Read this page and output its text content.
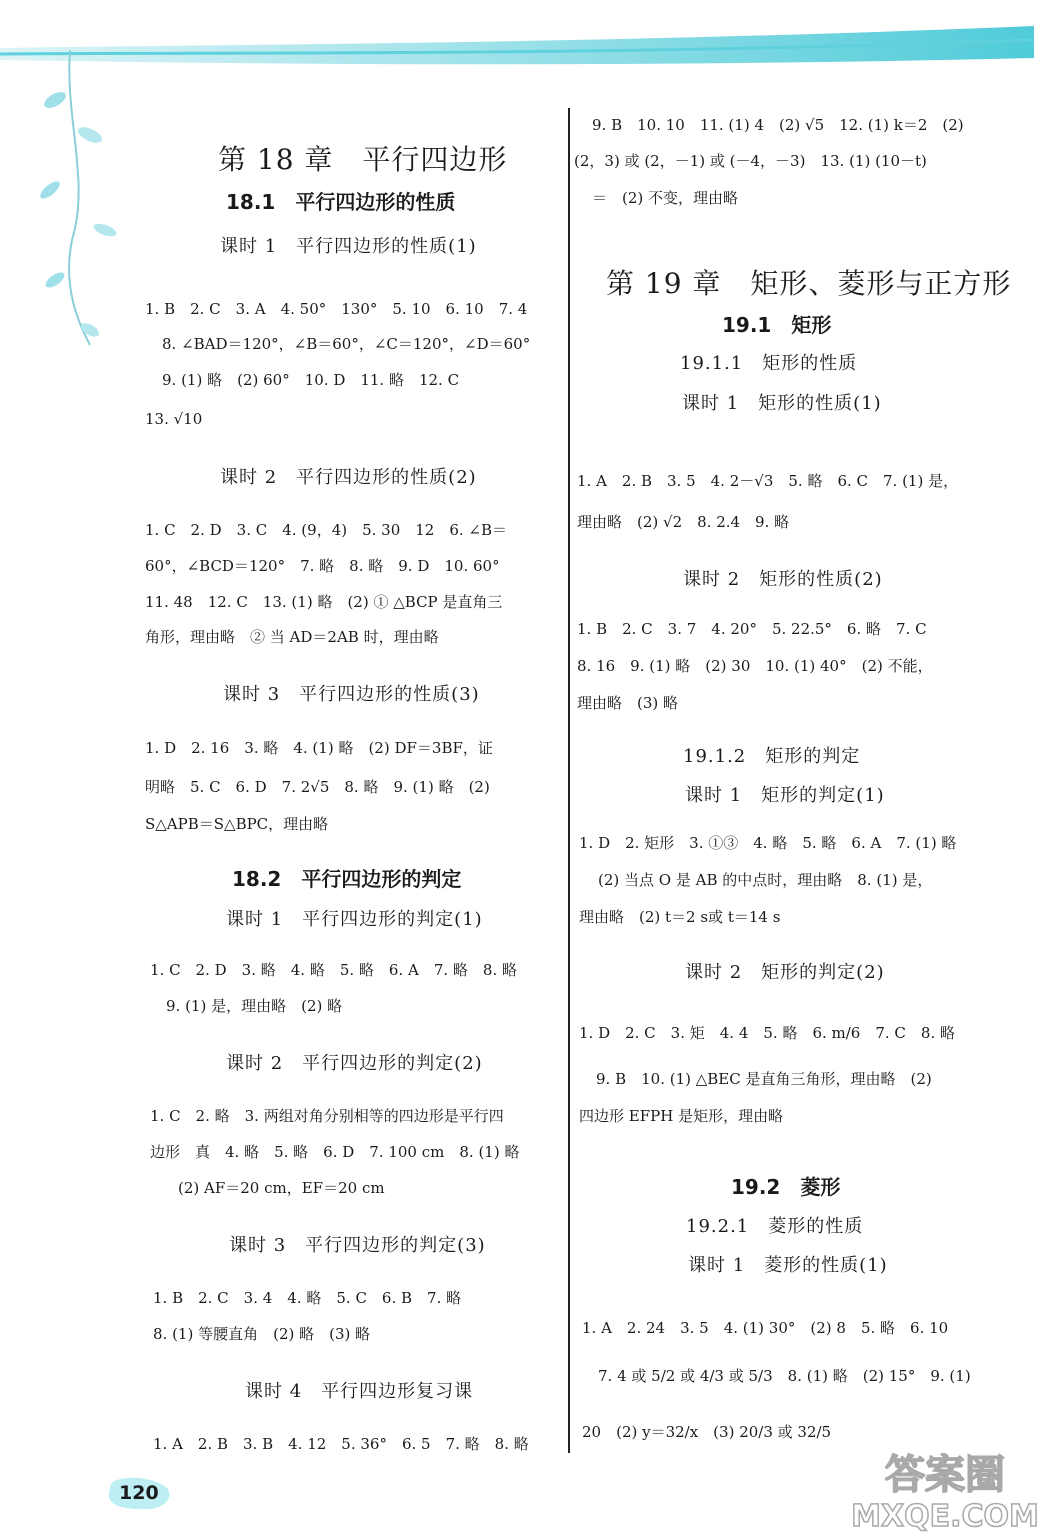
第 18 章　平行四边形
18.1　平行四边形的性质
课时 1　平行四边形的性质(1)
1. B　2. C　3. A　4. 50°　130°　5. 10　6. 10　7. 4
8. ∠BAD＝120°，∠B＝60°，∠C＝120°，∠D＝60°
9. (1) 略　(2) 60°　10. D　11. 略　12. C
13. √10
课时 2　平行四边形的性质(2)
1. C　2. D　3. C　4. (9，4)　5. 30　12　6. ∠B＝
60°，∠BCD＝120°　7. 略　8. 略　9. D　10. 60°
11. 48　12. C　13. (1) 略　(2) ① △BCP 是直角三
角形，理由略　② 当 AD＝2AB 时，理由略
课时 3　平行四边形的性质(3)
1. D　2. 16　3. 略　4. (1) 略　(2) DF＝3BF，证
明略　5. C　6. D　7. 2√5　8. 略　9. (1) 略　(2)
S△APB＝S△BPC，理由略
18.2　平行四边形的判定
课时 1　平行四边形的判定(1)
1. C　2. D　3. 略　4. 略　5. 略　6. A　7. 略　8. 略
9. (1) 是，理由略　(2) 略
课时 2　平行四边形的判定(2)
1. C　2. 略　3. 两组对角分别相等的四边形是平行四
边形　真　4. 略　5. 略　6. D　7. 100 cm　8. (1) 略
(2) AF＝20 cm，EF＝20 cm
课时 3　平行四边形的判定(3)
1. B　2. C　3. 4　4. 略　5. C　6. B　7. 略
8. (1) 等腰直角　(2) 略　(3) 略
课时 4　平行四边形复习课
1. A　2. B　3. B　4. 12　5. 36°　6. 5　7. 略　8. 略
9. B　10. 10　11. (1) 4　(2) √5　12. (1) k＝2　(2)
(2，3) 或 (2，－1) 或 (－4，－3)　13. (1) (10－t)
＝　(2) 不变，理由略
第 19 章　矩形、菱形与正方形
19.1　矩形
19.1.1　矩形的性质
课时 1　矩形的性质(1)
1. A　2. B　3. 5　4. 2－√3　5. 略　6. C　7. (1) 是，
理由略　(2) √2　8. 2.4　9. 略
课时 2　矩形的性质(2)
1. B　2. C　3. 7　4. 20°　5. 22.5°　6. 略　7. C
8. 16　9. (1) 略　(2) 30　10. (1) 40°　(2) 不能，
理由略　(3) 略
19.1.2　矩形的判定
课时 1　矩形的判定(1)
1. D　2. 矩形　3. ①③　4. 略　5. 略　6. A　7. (1) 略
(2) 当点 O 是 AB 的中点时，理由略　8. (1) 是，
理由略　(2) t＝2 s或 t＝14 s
课时 2　矩形的判定(2)
1. D　2. C　3. 矩　4. 4　5. 略　6. m/6　7. C　8. 略
9. B　10. (1) △BEC 是直角三角形，理由略　(2)
四边形 EFPH 是矩形，理由略
19.2　菱形
19.2.1　菱形的性质
课时 1　菱形的性质(1)
1. A　2. 24　3. 5　4. (1) 30°　(2) 8　5. 略　6. 10
7. 4 或 5/2 或 4/3 或 5/3　8. (1) 略　(2) 15°　9. (1)
20　(2) y＝32/x　(3) 20/3 或 32/5
120	答案圈
MXQE.COM
